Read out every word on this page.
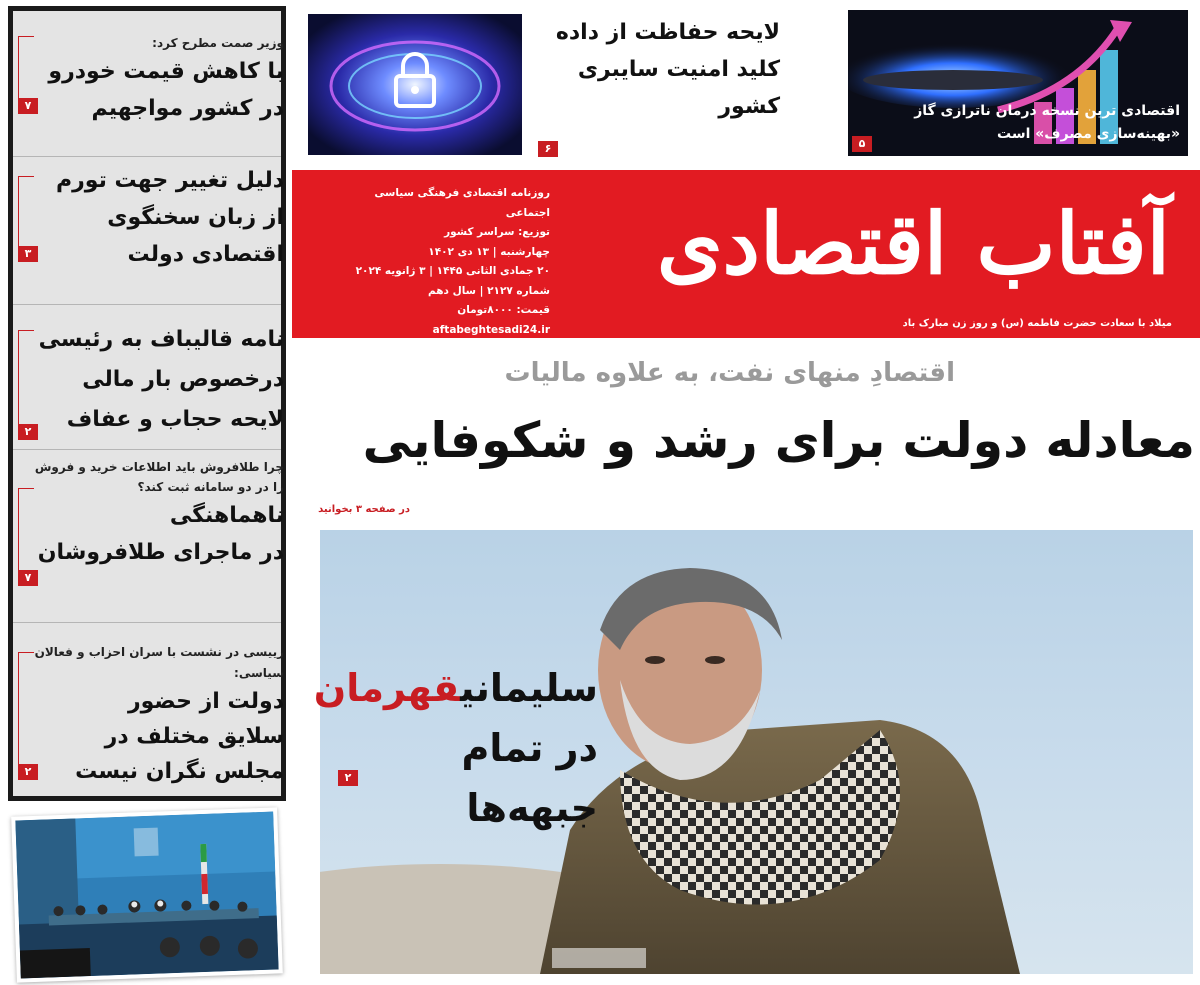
وزیر صمت مطرح کرد:
با کاهش قیمت خودرو
در کشور مواجهیم
۷
دلیل تغییر جهت تورم
از زبان سخنگوی
اقتصادی دولت
۳
نامه قالیباف به رئیسی
درخصوص بار مالی
لایحه حجاب و عفاف
۲
چرا طلافروش باید اطلاعات خرید و فروش را در دو سامانه ثبت کند؟
ناهماهنگی
در ماجرای طلافروشان
۷
رییسی در نشست با سران احزاب و فعالان سیاسی:
دولت از حضور
سلایق مختلف در
مجلس نگران نیست
۲
۶
لایحه حفاظت از داده
کلید امنیت سایبری
کشور	اقتصادی ترین نسخه درمان ناترازی گاز
«بهینه‌سازی مصرف» است
۵
آفتاب اقتصادی
میلاد با سعادت حضرت فاطمه (س) و روز زن مبارک باد
روزنامه اقتصادی فرهنگی سیاسی اجتماعی
توزیع: سراسر کشور
چهارشنبه | ۱۳ دی ۱۴۰۲
۲۰ جمادی الثانی ۱۴۴۵ | ۳ ژانویه ۲۰۲۴
شماره ۲۱۲۷ | سال دهم
قیمت: ۸۰۰۰تومان
aftabeghtesadi24.ir
اقتصادِ منهای نفت، به علاوه مالیات
معادله دولت برای رشد و شکوفایی
در صفحه ۳ بخوانید
سلیمانیقهرمان
در تمام جبهه‌ها
۲
